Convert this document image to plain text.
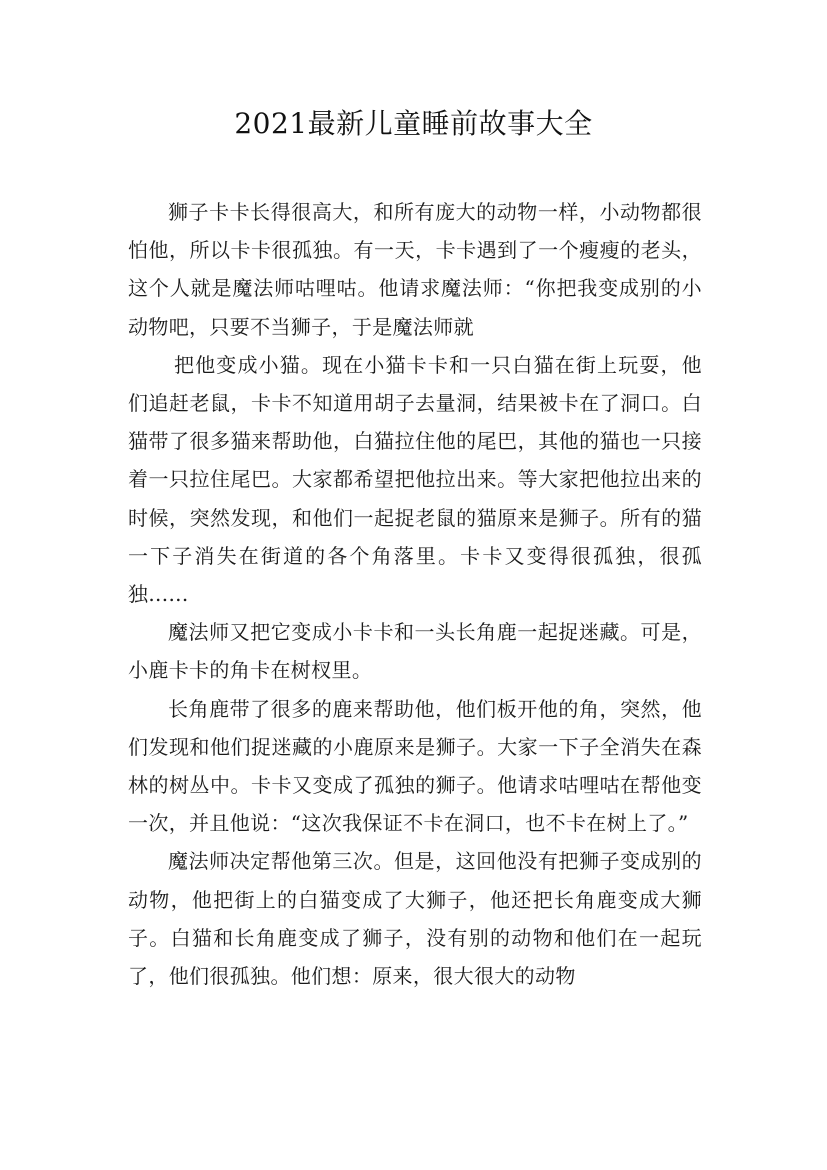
2021最新儿童睡前故事大全

狮子卡卡长得很高大，和所有庞大的动物一样，小动物都很怕他，所以卡卡很孤独。有一天，卡卡遇到了一个瘦瘦的老头，这个人就是魔法师咕哩咕。他请求魔法师：“你把我变成别的小动物吧，只要不当狮子，于是魔法师就

把他变成小猫。现在小猫卡卡和一只白猫在街上玩耍，他们追赶老鼠，卡卡不知道用胡子去量洞，结果被卡在了洞口。白猫带了很多猫来帮助他，白猫拉住他的尾巴，其他的猫也一只接着一只拉住尾巴。大家都希望把他拉出来。等大家把他拉出来的时候，突然发现，和他们一起捉老鼠的猫原来是狮子。所有的猫一下子消失在街道的各个角落里。卡卡又变得很孤独，很孤独......

魔法师又把它变成小卡卡和一头长角鹿一起捉迷藏。可是，小鹿卡卡的角卡在树杈里。

长角鹿带了很多的鹿来帮助他，他们板开他的角，突然，他们发现和他们捉迷藏的小鹿原来是狮子。大家一下子全消失在森林的树丛中。卡卡又变成了孤独的狮子。他请求咕哩咕在帮他变一次，并且他说：“这次我保证不卡在洞口，也不卡在树上了。”

魔法师决定帮他第三次。但是，这回他没有把狮子变成别的动物，他把街上的白猫变成了大狮子，他还把长角鹿变成大狮子。白猫和长角鹿变成了狮子，没有别的动物和他们在一起玩了，他们很孤独。他们想：原来，很大很大的动物
